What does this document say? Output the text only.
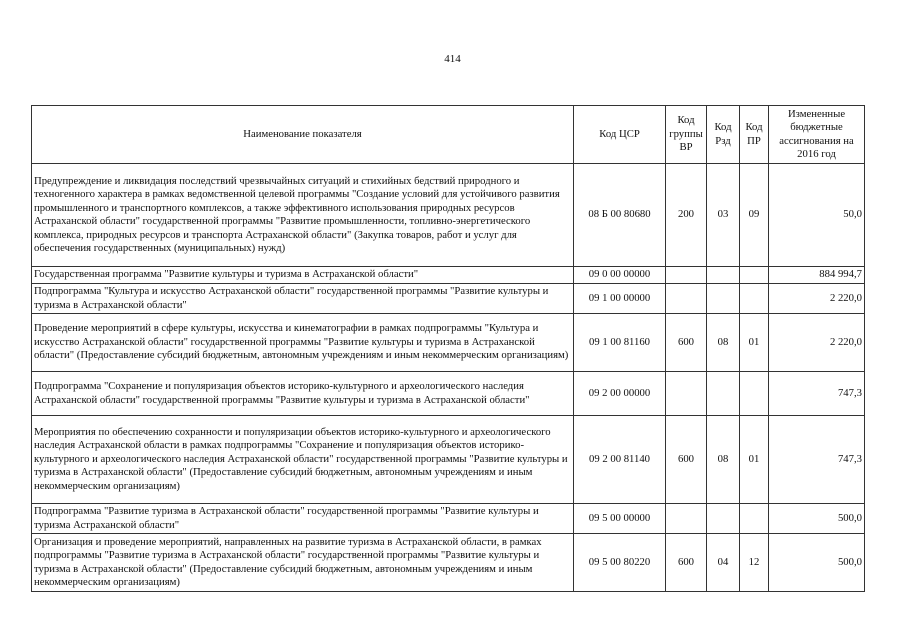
414
Наименование показателя	Код ЦСР	Код группы ВР	Код Рзд	Код ПР	Измененные бюджетные ассигнования на 2016 год
Предупреждение и ликвидация последствий чрезвычайных ситуаций и стихийных бедствий природного и техногенного характера в рамках ведомственной целевой программы "Создание условий для устойчивого развития промышленного и транспортного комплексов, а также эффективного использования природных ресурсов Астраханской области" государственной программы "Развитие промышленности, топливно-энергетического комплекса, природных ресурсов и транспорта Астраханской области" (Закупка товаров, работ и услуг для обеспечения государственных (муниципальных) нужд)	08 Б 00 80680	200	03	09	50,0
Государственная программа "Развитие культуры и туризма в Астраханской области"	09 0 00 00000				884 994,7
Подпрограмма "Культура и искусство Астраханской области" государственной программы "Развитие культуры и туризма в Астраханской области"	09 1 00 00000				2 220,0
Проведение мероприятий в сфере культуры, искусства и кинематографии в рамках подпрограммы "Культура и искусство Астраханской области" государственной программы "Развитие культуры и туризма в Астраханской области" (Предоставление субсидий бюджетным, автономным учреждениям и иным некоммерческим организациям)	09 1 00 81160	600	08	01	2 220,0
Подпрограмма "Сохранение и популяризация объектов историко-культурного и археологического наследия Астраханской области" государственной программы "Развитие культуры и туризма в Астраханской области"	09 2 00 00000				747,3
Мероприятия по обеспечению сохранности и популяризации объектов историко-культурного и археологического наследия Астраханской области в рамках подпрограммы "Сохранение и популяризация объектов историко-культурного и археологического наследия Астраханской области" государственной программы "Развитие культуры и туризма в Астраханской области" (Предоставление субсидий бюджетным, автономным учреждениям и иным некоммерческим организациям)	09 2 00 81140	600	08	01	747,3
Подпрограмма "Развитие туризма в Астраханской области" государственной программы "Развитие культуры и туризма Астраханской области"	09 5 00 00000				500,0
Организация и проведение мероприятий, направленных на развитие туризма в Астраханской области, в рамках подпрограммы "Развитие туризма в Астраханской области" государственной программы "Развитие культуры и туризма в Астраханской области" (Предоставление субсидий бюджетным, автономным учреждениям и иным некоммерческим организациям)	09 5 00 80220	600	04	12	500,0
